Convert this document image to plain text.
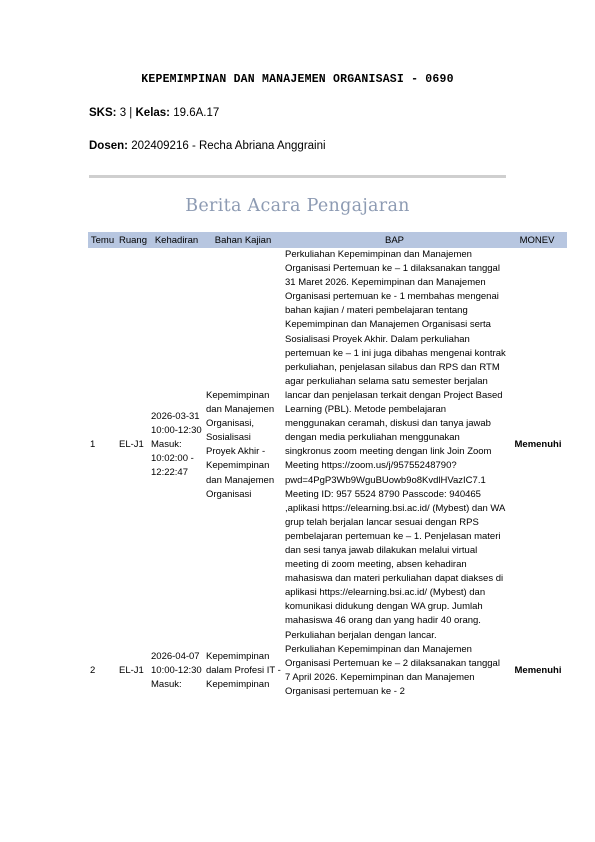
KEPEMIMPINAN DAN MANAJEMEN ORGANISASI - 0690
SKS: 3 | Kelas: 19.6A.17
Dosen: 202409216 - Recha Abriana Anggraini
Berita Acara Pengajaran
Temu	Ruang	Kehadiran	Bahan Kajian	BAP	MONEV
1	EL-J1	2026-03-31 10:00-12:30 Masuk: 10:02:00 - 12:22:47	Kepemimpinan dan Manajemen Organisasi, Sosialisasi Proyek Akhir - Kepemimpinan dan Manajemen Organisasi	Perkuliahan Kepemimpinan dan Manajemen Organisasi Pertemuan ke – 1 dilaksanakan tanggal 31 Maret 2026. Kepemimpinan dan Manajemen Organisasi pertemuan ke - 1 membahas mengenai bahan kajian / materi pembelajaran tentang Kepemimpinan dan Manajemen Organisasi serta Sosialisasi Proyek Akhir. Dalam perkuliahan pertemuan ke – 1 ini juga dibahas mengenai kontrak perkuliahan, penjelasan silabus dan RPS dan RTM agar perkuliahan selama satu semester berjalan lancar dan penjelasan terkait dengan Project Based Learning (PBL). Metode pembelajaran menggunakan ceramah, diskusi dan tanya jawab dengan media perkuliahan menggunakan singkronus zoom meeting dengan link Join Zoom Meeting https://zoom.us/j/95755248790?pwd=4PgP3Wb9WguBUowb9o8KvdlHVazIC7.1 Meeting ID: 957 5524 8790 Passcode: 940465 ,aplikasi https://elearning.bsi.ac.id/ (Mybest) dan WA grup telah berjalan lancar sesuai dengan RPS pembelajaran pertemuan ke – 1. Penjelasan materi dan sesi tanya jawab dilakukan melalui virtual meeting di zoom meeting, absen kehadiran mahasiswa dan materi perkuliahan dapat diakses di aplikasi https://elearning.bsi.ac.id/ (Mybest) dan komunikasi didukung dengan WA grup. Jumlah mahasiswa 46 orang dan yang hadir 40 orang. Perkuliahan berjalan dengan lancar.	Memenuhi
2	EL-J1	2026-04-07 10:00-12:30 Masuk:	Kepemimpinan dalam Profesi IT - Kepemimpinan	Perkuliahan Kepemimpinan dan Manajemen Organisasi Pertemuan ke – 2 dilaksanakan tanggal 7 April 2026. Kepemimpinan dan Manajemen Organisasi pertemuan ke - 2	Memenuhi
